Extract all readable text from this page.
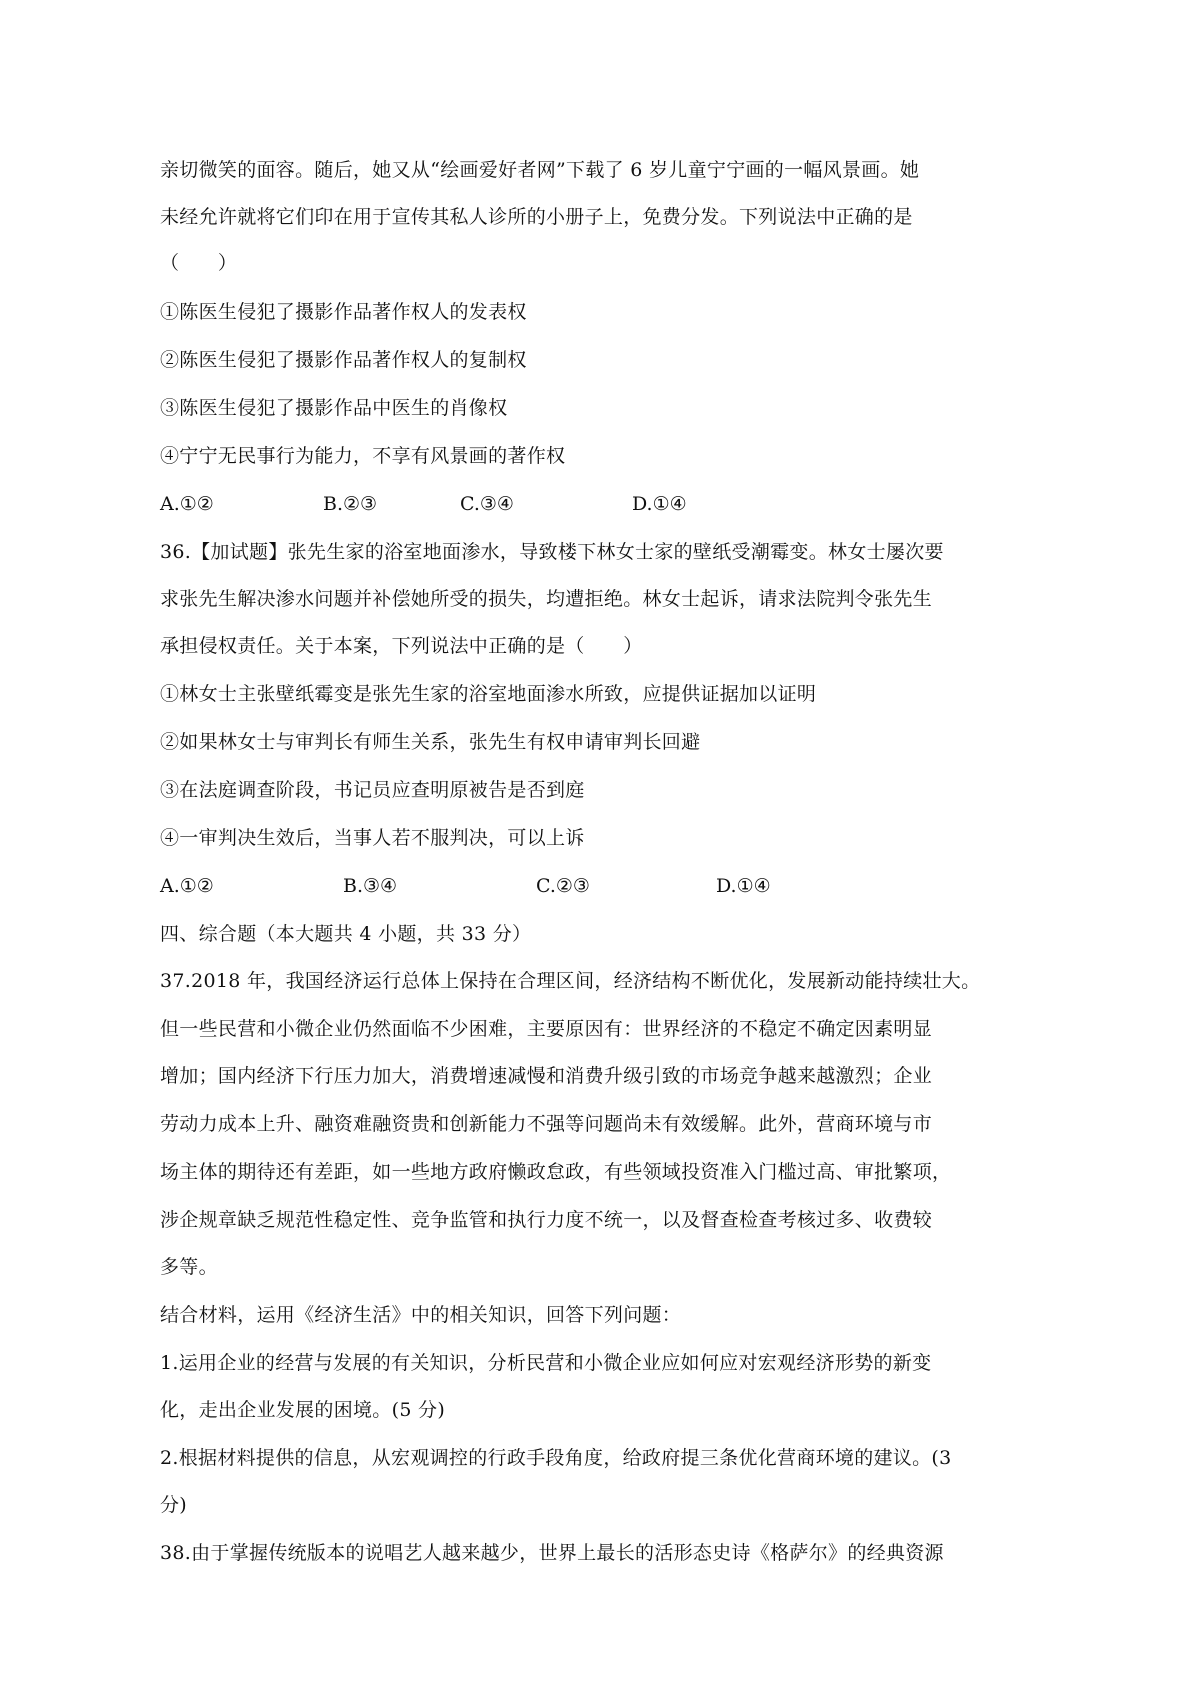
亲切微笑的面容。随后，她又从“绘画爱好者网”下载了 6 岁儿童宁宁画的一幅风景画。她
未经允许就将它们印在用于宣传其私人诊所的小册子上，免费分发。下列说法中正确的是
（　　）
①陈医生侵犯了摄影作品著作权人的发表权
②陈医生侵犯了摄影作品著作权人的复制权
③陈医生侵犯了摄影作品中医生的肖像权
④宁宁无民事行为能力，不享有风景画的著作权
A.①②	B.②③	C.③④	D.①④
36.【加试题】张先生家的浴室地面渗水，导致楼下林女士家的壁纸受潮霉变。林女士屡次要
求张先生解决渗水问题并补偿她所受的损失，均遭拒绝。林女士起诉，请求法院判令张先生
承担侵权责任。关于本案，下列说法中正确的是（　　）
①林女士主张壁纸霉变是张先生家的浴室地面渗水所致，应提供证据加以证明
②如果林女士与审判长有师生关系，张先生有权申请审判长回避
③在法庭调查阶段，书记员应查明原被告是否到庭
④一审判决生效后，当事人若不服判决，可以上诉
A.①②	B.③④	C.②③	D.①④
四、综合题（本大题共 4 小题，共 33 分）
37.2018 年，我国经济运行总体上保持在合理区间，经济结构不断优化，发展新动能持续壮大。
但一些民营和小微企业仍然面临不少困难，主要原因有：世界经济的不稳定不确定因素明显
增加；国内经济下行压力加大，消费增速减慢和消费升级引致的市场竞争越来越激烈；企业
劳动力成本上升、融资难融资贵和创新能力不强等问题尚未有效缓解。此外，营商环境与市
场主体的期待还有差距，如一些地方政府懒政怠政，有些领域投资准入门槛过高、审批繁项，
涉企规章缺乏规范性稳定性、竞争监管和执行力度不统一，以及督查检查考核过多、收费较
多等。
结合材料，运用《经济生活》中的相关知识，回答下列问题：
1.运用企业的经营与发展的有关知识，分析民营和小微企业应如何应对宏观经济形势的新变
化，走出企业发展的困境。(5 分)
2.根据材料提供的信息，从宏观调控的行政手段角度，给政府提三条优化营商环境的建议。(3
分)
38.由于掌握传统版本的说唱艺人越来越少，世界上最长的活形态史诗《格萨尔》的经典资源
